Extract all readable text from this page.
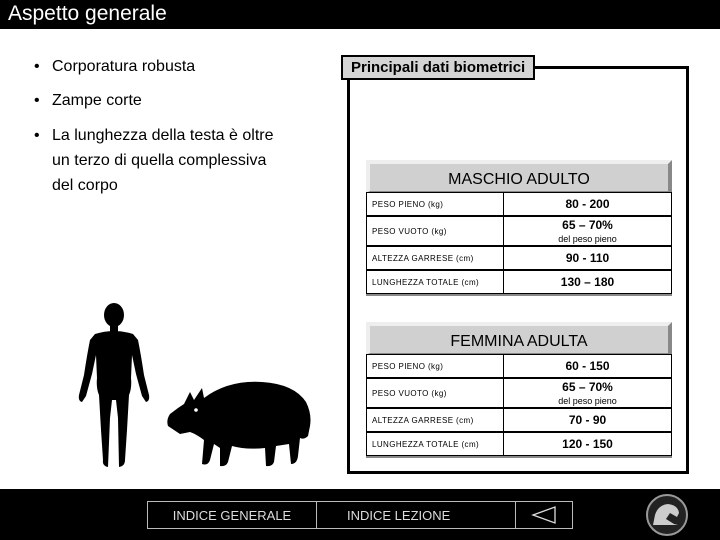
Aspetto generale
• Corporatura robusta
• Zampe corte
• La lunghezza della testa è oltre
un terzo di quella complessiva
del corpo
Principali dati biometrici
MASCHIO ADULTO
PESO PIENO (kg)	80 - 200
PESO VUOTO (kg)	65 – 70%
del peso pieno
ALTEZZA GARRESE (cm)	90 - 110
LUNGHEZZA TOTALE (cm)	130 – 180
FEMMINA ADULTA
PESO PIENO (kg)	60 - 150
PESO VUOTO (kg)	65 – 70%
del peso pieno
ALTEZZA GARRESE (cm)	70 - 90
LUNGHEZZA TOTALE (cm)	120 - 150
INDICE GENERALE	INDICE LEZIONE
